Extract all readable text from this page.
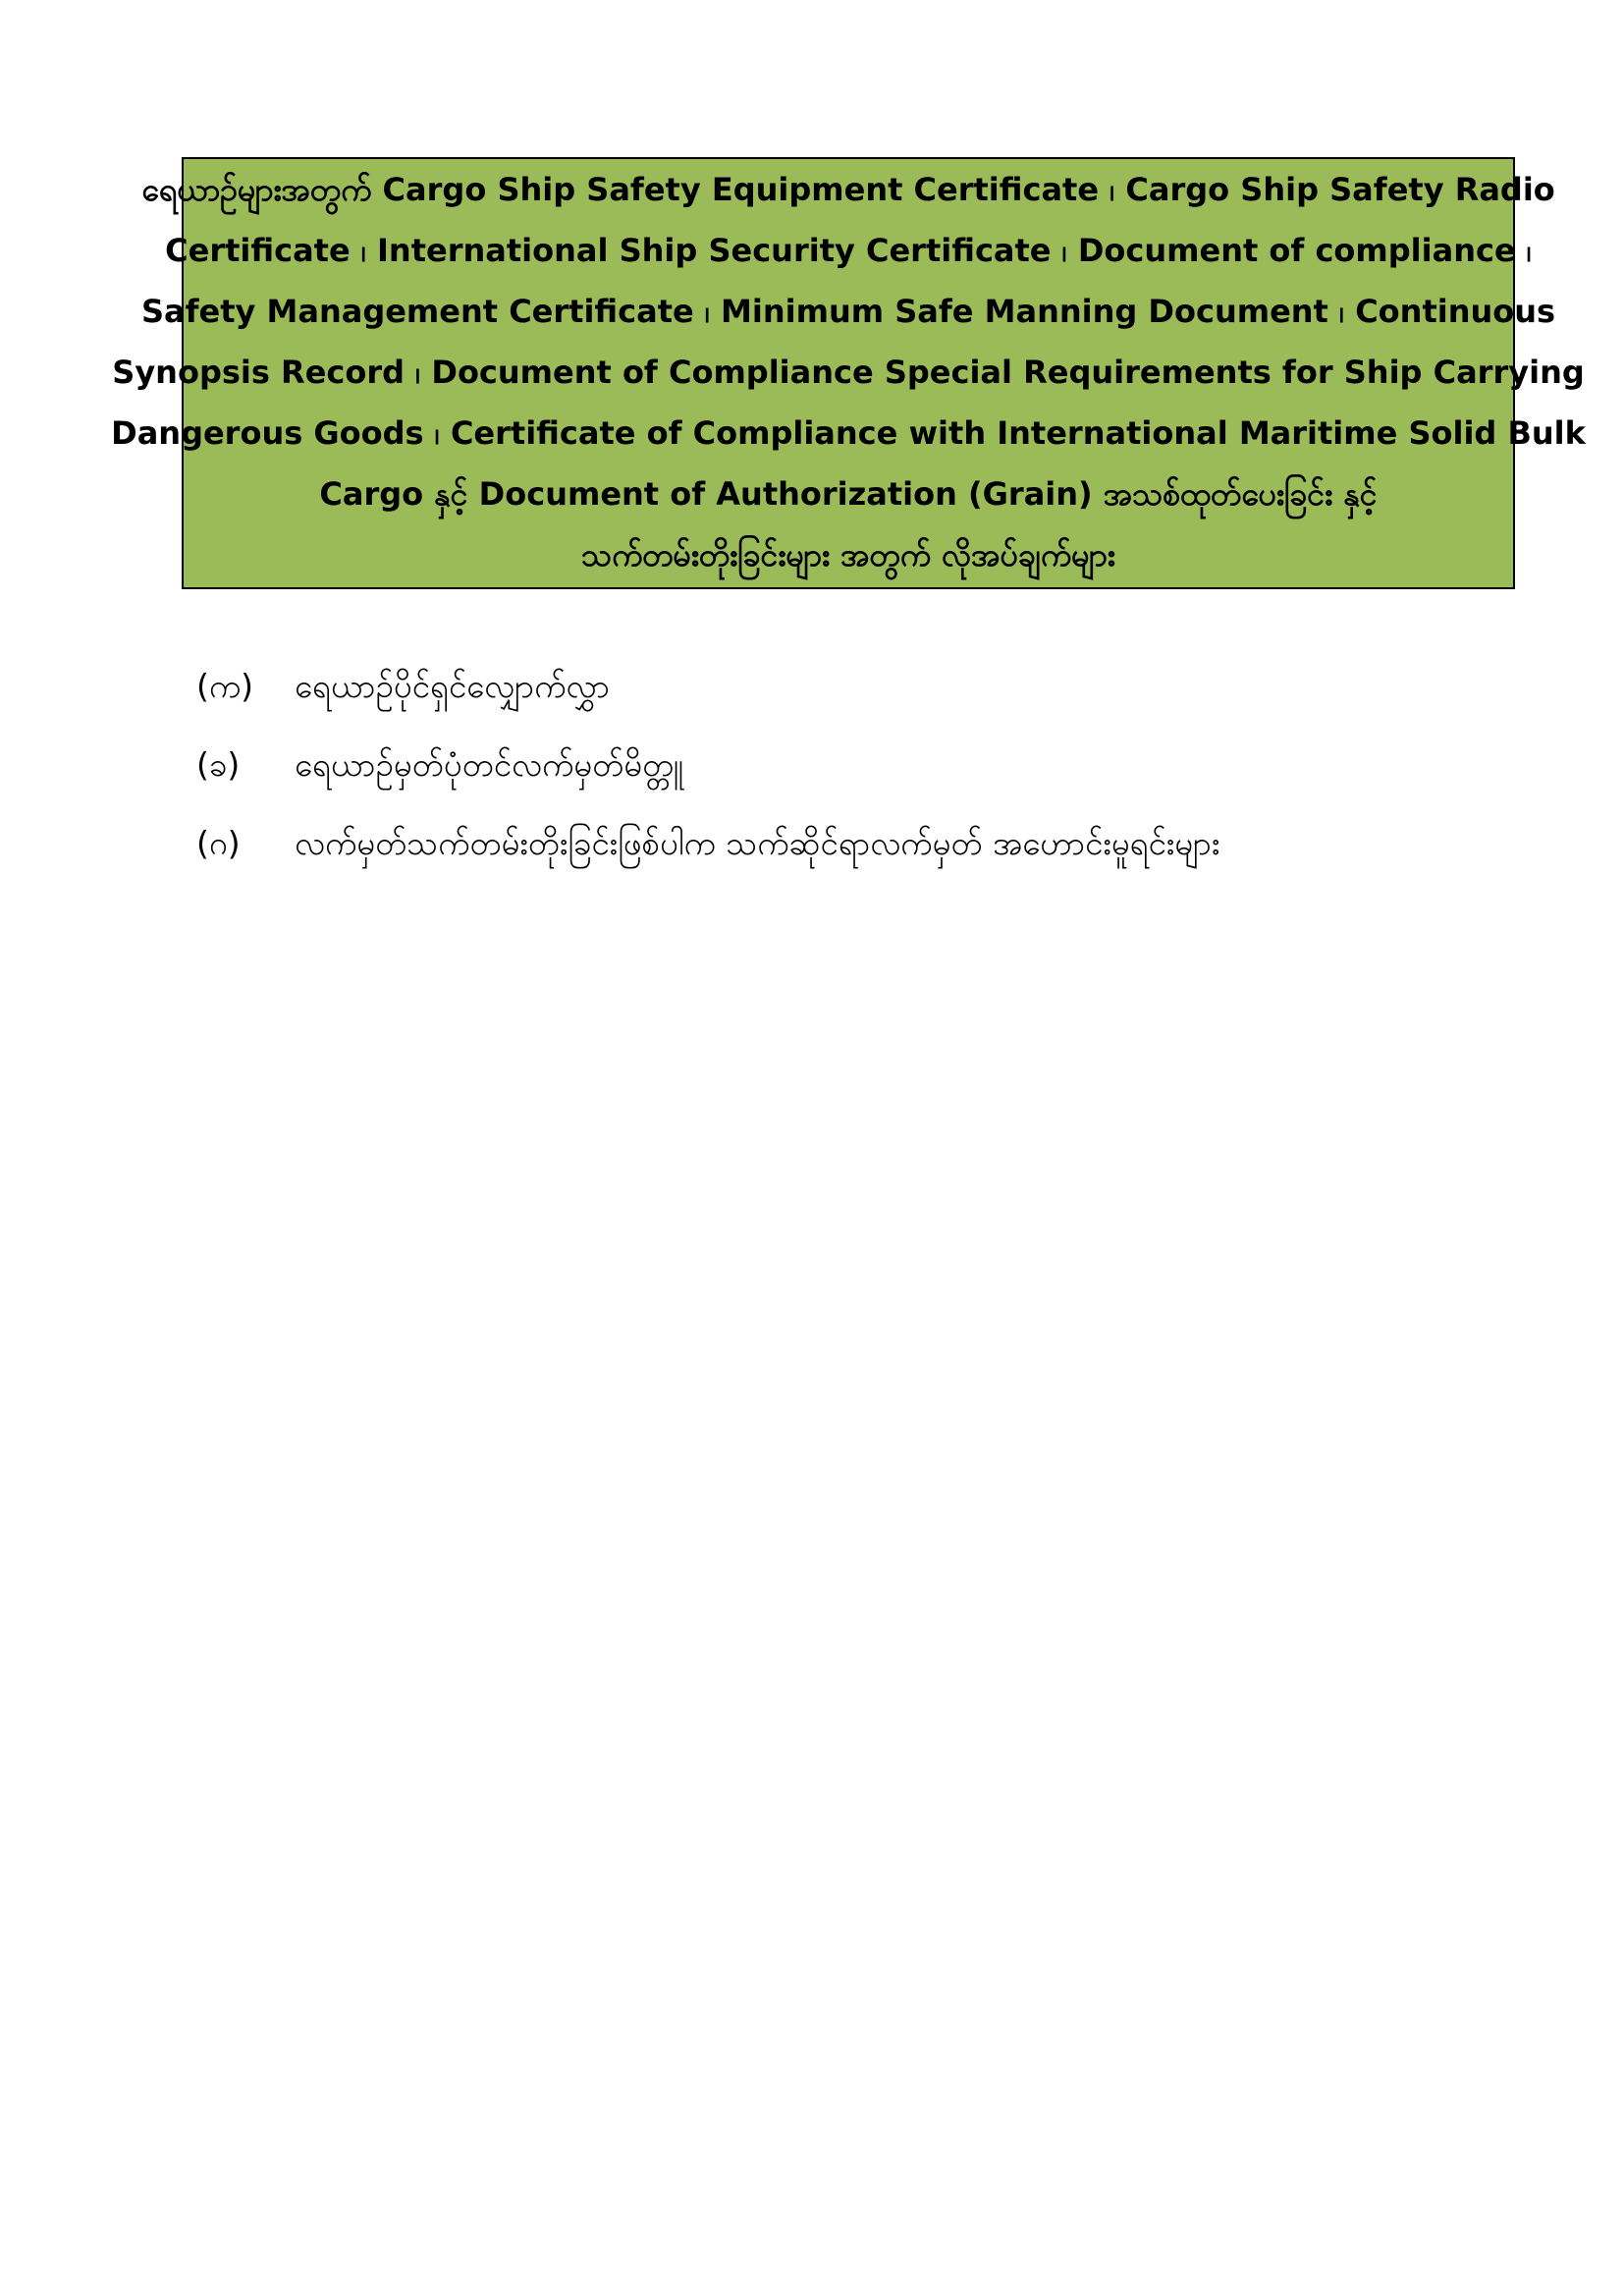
ရေယာဉ်များအတွက် Cargo Ship Safety Equipment Certificate ၊ Cargo Ship Safety Radio
Certificate ၊ International Ship Security Certificate ၊ Document of compliance ၊
Safety Management Certificate ၊ Minimum Safe Manning Document ၊ Continuous
Synopsis Record ၊ Document of Compliance Special Requirements for Ship Carrying
Dangerous Goods ၊ Certificate of Compliance with International Maritime Solid Bulk
Cargo နှင့် Document of Authorization (Grain) အသစ်ထုတ်ပေးခြင်း နှင့်
သက်တမ်းတိုးခြင်းများ အတွက် လိုအပ်ချက်များ
(က)	ရေယာဉ်ပိုင်ရှင်လျှောက်လွှာ
(ခ)	ရေယာဉ်မှတ်ပုံတင်လက်မှတ်မိတ္တူ
(ဂ)	လက်မှတ်သက်တမ်းတိုးခြင်းဖြစ်ပါက သက်ဆိုင်ရာလက်မှတ် အဟောင်းမူရင်းများ
